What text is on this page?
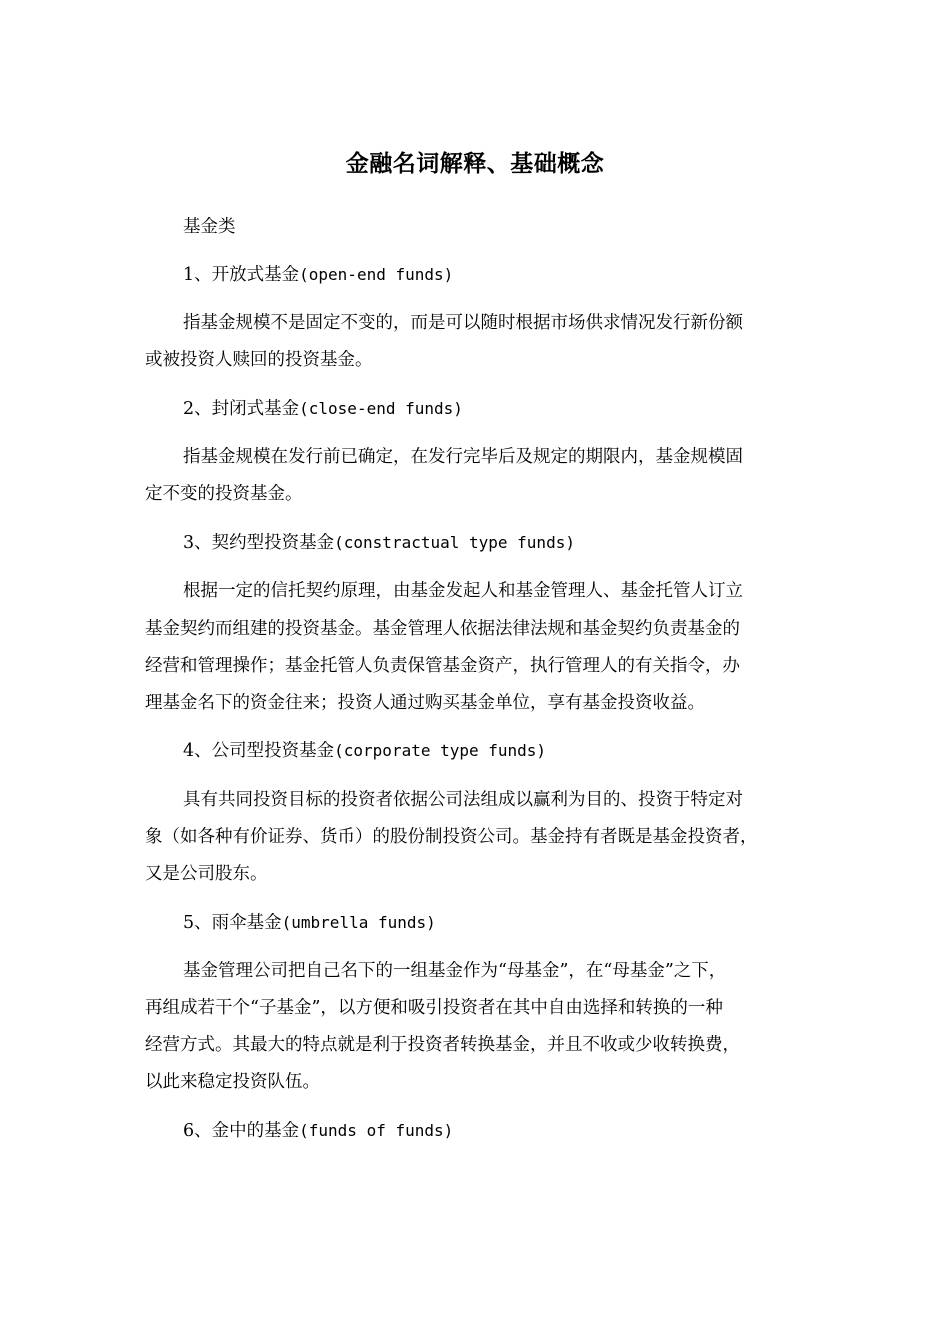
金融名词解释、基础概念
基金类
1、开放式基金(open-end funds)
指基金规模不是固定不变的，而是可以随时根据市场供求情况发行新份额
或被投资人赎回的投资基金。
2、封闭式基金(close-end funds)
指基金规模在发行前已确定，在发行完毕后及规定的期限内，基金规模固
定不变的投资基金。
3、契约型投资基金(constractual type funds)
根据一定的信托契约原理，由基金发起人和基金管理人、基金托管人订立
基金契约而组建的投资基金。基金管理人依据法律法规和基金契约负责基金的
经营和管理操作；基金托管人负责保管基金资产，执行管理人的有关指令，办
理基金名下的资金往来；投资人通过购买基金单位，享有基金投资收益。
4、公司型投资基金(corporate type funds)
具有共同投资目标的投资者依据公司法组成以赢利为目的、投资于特定对
象（如各种有价证券、货币）的股份制投资公司。基金持有者既是基金投资者，
又是公司股东。
5、雨伞基金(umbrella funds)
基金管理公司把自己名下的一组基金作为“母基金”，在“母基金”之下，
再组成若干个“子基金”，以方便和吸引投资者在其中自由选择和转换的一种
经营方式。其最大的特点就是利于投资者转换基金，并且不收或少收转换费，
以此来稳定投资队伍。
6、金中的基金(funds of funds)
